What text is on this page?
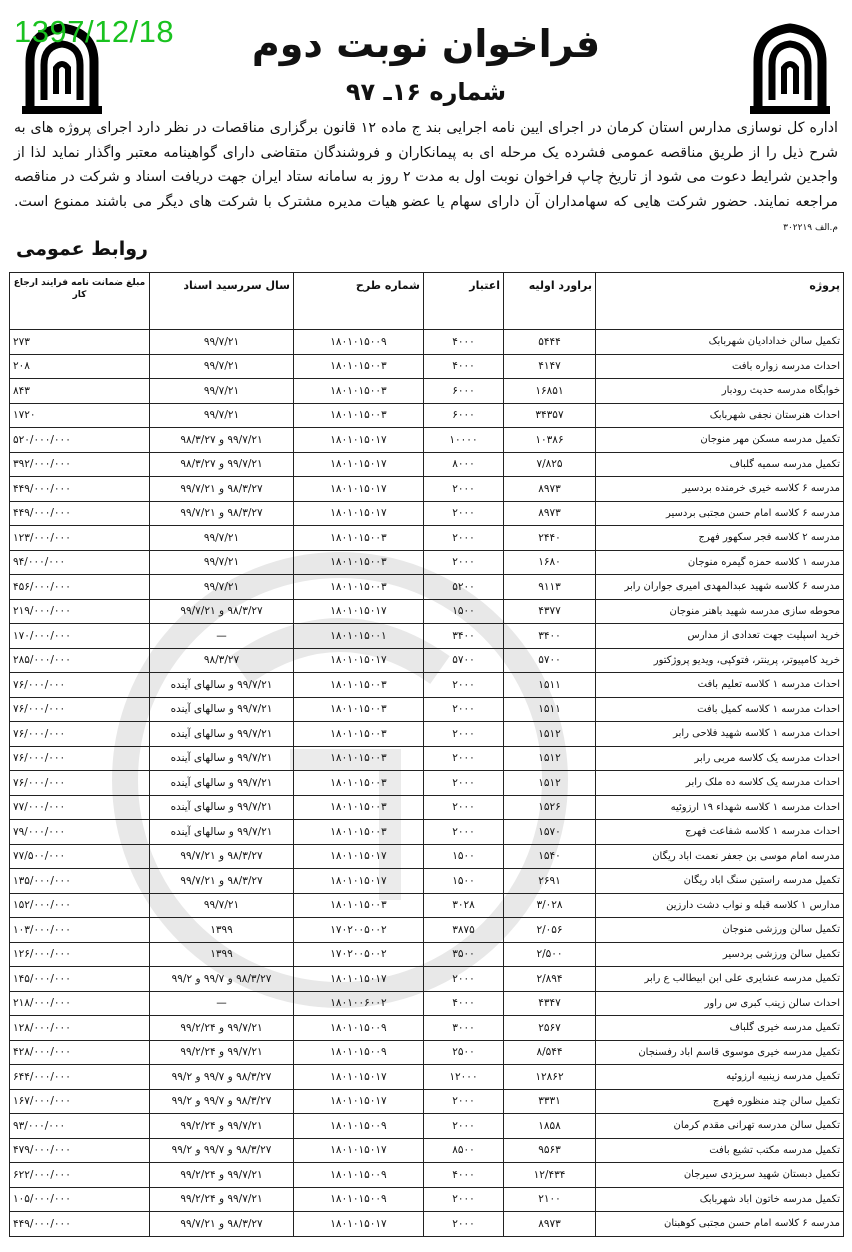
1397/12/18	فراخوان نوبت دوم
شماره ۱۶ـ ۹۷
اداره کل نوسازی مدارس استان کرمان در اجرای ایین نامه اجرایی بند ج ماده ۱۲ قانون برگزاری مناقصات در نظر دارد اجرای پروژه های به شرح ذیل را از طریق مناقصه عمومی فشرده یک مرحله ای به پیمانکاران و فروشندگان متقاضی دارای گواهینامه معتبر واگذار نماید لذا از واجدین شرایط دعوت می شود از تاریخ چاپ فراخوان نوبت اول به مدت ۲ روز به سامانه ستاد ایران جهت دریافت اسناد و شرکت در مناقصه مراجعه نمایند. حضور شرکت هایی که سهامداران آن دارای سهام یا عضو هیات مدیره مشترک با شرکت های دیگر می باشند ممنوع است. م.الف ۳۰۲۲۱۹
روابط عمومی
پروژه	براورد اولیه	اعتبار	شماره طرح	سال سررسید اسناد	مبلغ ضمانت نامه فرایند ارجاع کار
تکمیل سالن خدادادیان شهربابک	۵۴۴۴	۴۰۰۰	۱۸۰۱۰۱۵۰۰۹	۹۹/۷/۲۱	۲۷۳
احداث مدرسه زواره بافت	۴۱۴۷	۴۰۰۰	۱۸۰۱۰۱۵۰۰۳	۹۹/۷/۲۱	۲۰۸
خوابگاه مدرسه حدیث رودبار	۱۶۸۵۱	۶۰۰۰	۱۸۰۱۰۱۵۰۰۳	۹۹/۷/۲۱	۸۴۳
احداث هنرستان نجفی شهربابک	۳۴۳۵۷	۶۰۰۰	۱۸۰۱۰۱۵۰۰۳	۹۹/۷/۲۱	۱۷۲۰
تکمیل مدرسه مسکن مهر منوجان	۱۰۳۸۶	۱۰۰۰۰	۱۸۰۱۰۱۵۰۱۷	۹۹/۷/۲۱ و ۹۸/۳/۲۷	۵۲۰/۰۰۰/۰۰۰
تکمیل مدرسه سمیه گلباف	۷/۸۲۵	۸۰۰۰	۱۸۰۱۰۱۵۰۱۷	۹۹/۷/۲۱ و ۹۸/۳/۲۷	۳۹۲/۰۰۰/۰۰۰
مدرسه ۶ کلاسه خیری خرمنده بردسیر	۸۹۷۳	۲۰۰۰	۱۸۰۱۰۱۵۰۱۷	۹۸/۳/۲۷ و ۹۹/۷/۲۱	۴۴۹/۰۰۰/۰۰۰
مدرسه ۶ کلاسه امام حسن مجتبی بردسیر	۸۹۷۳	۲۰۰۰	۱۸۰۱۰۱۵۰۱۷	۹۸/۳/۲۷ و ۹۹/۷/۲۱	۴۴۹/۰۰۰/۰۰۰
مدرسه ۲ کلاسه فجر سکهور فهرج	۲۴۴۰	۲۰۰۰	۱۸۰۱۰۱۵۰۰۳	۹۹/۷/۲۱	۱۲۳/۰۰۰/۰۰۰
مدرسه ۱ کلاسه حمزه گیمره منوجان	۱۶۸۰	۲۰۰۰	۱۸۰۱۰۱۵۰۰۳	۹۹/۷/۲۱	۹۴/۰۰۰/۰۰۰
مدرسه ۶ کلاسه شهید عبدالمهدی امیری جواران رابر	۹۱۱۳	۵۲۰۰	۱۸۰۱۰۱۵۰۰۳	۹۹/۷/۲۱	۴۵۶/۰۰۰/۰۰۰
محوطه سازی مدرسه شهید باهنر منوجان	۴۳۷۷	۱۵۰۰	۱۸۰۱۰۱۵۰۱۷	۹۸/۳/۲۷ و ۹۹/۷/۲۱	۲۱۹/۰۰۰/۰۰۰
خرید اسپلیت جهت تعدادی از مدارس	۳۴۰۰	۳۴۰۰	۱۸۰۱۰۱۵۰۰۱	—	۱۷۰/۰۰۰/۰۰۰
خرید کامپیوتر، پرینتر، فتوکپی، ویدیو پروژکتور	۵۷۰۰	۵۷۰۰	۱۸۰۱۰۱۵۰۱۷	۹۸/۳/۲۷	۲۸۵/۰۰۰/۰۰۰
احداث مدرسه ۱ کلاسه تعلیم بافت	۱۵۱۱	۲۰۰۰	۱۸۰۱۰۱۵۰۰۳	۹۹/۷/۲۱ و سالهای آینده	۷۶/۰۰۰/۰۰۰
احداث مدرسه ۱ کلاسه کمیل بافت	۱۵۱۱	۲۰۰۰	۱۸۰۱۰۱۵۰۰۳	۹۹/۷/۲۱ و سالهای آینده	۷۶/۰۰۰/۰۰۰
احداث مدرسه ۱ کلاسه شهید فلاحی رابر	۱۵۱۲	۲۰۰۰	۱۸۰۱۰۱۵۰۰۳	۹۹/۷/۲۱ و سالهای آینده	۷۶/۰۰۰/۰۰۰
احداث مدرسه یک کلاسه مربی رابر	۱۵۱۲	۲۰۰۰	۱۸۰۱۰۱۵۰۰۳	۹۹/۷/۲۱ و سالهای آینده	۷۶/۰۰۰/۰۰۰
احداث مدرسه یک کلاسه ده ملک رابر	۱۵۱۲	۲۰۰۰	۱۸۰۱۰۱۵۰۰۳	۹۹/۷/۲۱ و سالهای آینده	۷۶/۰۰۰/۰۰۰
احداث مدرسه ۱ کلاسه شهداء ۱۹ ارزوئیه	۱۵۲۶	۲۰۰۰	۱۸۰۱۰۱۵۰۰۳	۹۹/۷/۲۱ و سالهای آینده	۷۷/۰۰۰/۰۰۰
احداث مدرسه ۱ کلاسه شفاعت فهرج	۱۵۷۰	۲۰۰۰	۱۸۰۱۰۱۵۰۰۳	۹۹/۷/۲۱ و سالهای آینده	۷۹/۰۰۰/۰۰۰
مدرسه امام موسی بن جعفر نعمت اباد ریگان	۱۵۴۰	۱۵۰۰	۱۸۰۱۰۱۵۰۱۷	۹۸/۳/۲۷ و ۹۹/۷/۲۱	۷۷/۵۰۰/۰۰۰
تکمیل مدرسه راستین سنگ اباد ریگان	۲۶۹۱	۱۵۰۰	۱۸۰۱۰۱۵۰۱۷	۹۸/۳/۲۷ و ۹۹/۷/۲۱	۱۳۵/۰۰۰/۰۰۰
مدارس ۱ کلاسه قبله و نواب دشت دارزین	۳/۰۲۸	۳۰۲۸	۱۸۰۱۰۱۵۰۰۳	۹۹/۷/۲۱	۱۵۲/۰۰۰/۰۰۰
تکمیل سالن ورزشی منوجان	۲/۰۵۶	۳۸۷۵	۱۷۰۲۰۰۵۰۰۲	۱۳۹۹	۱۰۳/۰۰۰/۰۰۰
تکمیل سالن ورزشی بردسیر	۲/۵۰۰	۳۵۰۰	۱۷۰۲۰۰۵۰۰۲	۱۳۹۹	۱۲۶/۰۰۰/۰۰۰
تکمیل مدرسه عشایری علی ابن ابیطالب ع رابر	۲/۸۹۴	۲۰۰۰	۱۸۰۱۰۱۵۰۱۷	۹۸/۳/۲۷ و ۹۹/۷ و ۹۹/۲	۱۴۵/۰۰۰/۰۰۰
احداث سالن زینب کبری س راور	۴۳۴۷	۴۰۰۰	۱۸۰۱۰۰۶۰۰۲	—	۲۱۸/۰۰۰/۰۰۰
تکمیل مدرسه خیری گلباف	۲۵۶۷	۳۰۰۰	۱۸۰۱۰۱۵۰۰۹	۹۹/۷/۲۱ و ۹۹/۲/۲۴	۱۲۸/۰۰۰/۰۰۰
تکمیل مدرسه خیری موسوی قاسم اباد رفسنجان	۸/۵۴۴	۲۵۰۰	۱۸۰۱۰۱۵۰۰۹	۹۹/۷/۲۱ و ۹۹/۲/۲۴	۴۲۸/۰۰۰/۰۰۰
تکمیل مدرسه زینبیه ارزوئیه	۱۲۸۶۲	۱۲۰۰۰	۱۸۰۱۰۱۵۰۱۷	۹۸/۳/۲۷ و ۹۹/۷ و ۹۹/۲	۶۴۴/۰۰۰/۰۰۰
تکمیل سالن چند منظوره فهرج	۳۳۳۱	۲۰۰۰	۱۸۰۱۰۱۵۰۱۷	۹۸/۳/۲۷ و ۹۹/۷ و ۹۹/۲	۱۶۷/۰۰۰/۰۰۰
تکمیل سالن مدرسه تهرانی مقدم کرمان	۱۸۵۸	۲۰۰۰	۱۸۰۱۰۱۵۰۰۹	۹۹/۷/۲۱ و ۹۹/۲/۲۴	۹۳/۰۰۰/۰۰۰
تکمیل مدرسه مکتب تشیع بافت	۹۵۶۳	۸۵۰۰	۱۸۰۱۰۱۵۰۱۷	۹۸/۳/۲۷ و ۹۹/۷ و ۹۹/۲	۴۷۹/۰۰۰/۰۰۰
تکمیل دبستان شهید سریزدی سیرجان	۱۲/۴۳۴	۴۰۰۰	۱۸۰۱۰۱۵۰۰۹	۹۹/۷/۲۱ و ۹۹/۲/۲۴	۶۲۲/۰۰۰/۰۰۰
تکمیل مدرسه خاتون اباد شهربابک	۲۱۰۰	۲۰۰۰	۱۸۰۱۰۱۵۰۰۹	۹۹/۷/۲۱ و ۹۹/۲/۲۴	۱۰۵/۰۰۰/۰۰۰
مدرسه ۶ کلاسه امام حسن مجتبی کوهبنان	۸۹۷۳	۲۰۰۰	۱۸۰۱۰۱۵۰۱۷	۹۸/۳/۲۷ و ۹۹/۷/۲۱	۴۴۹/۰۰۰/۰۰۰
